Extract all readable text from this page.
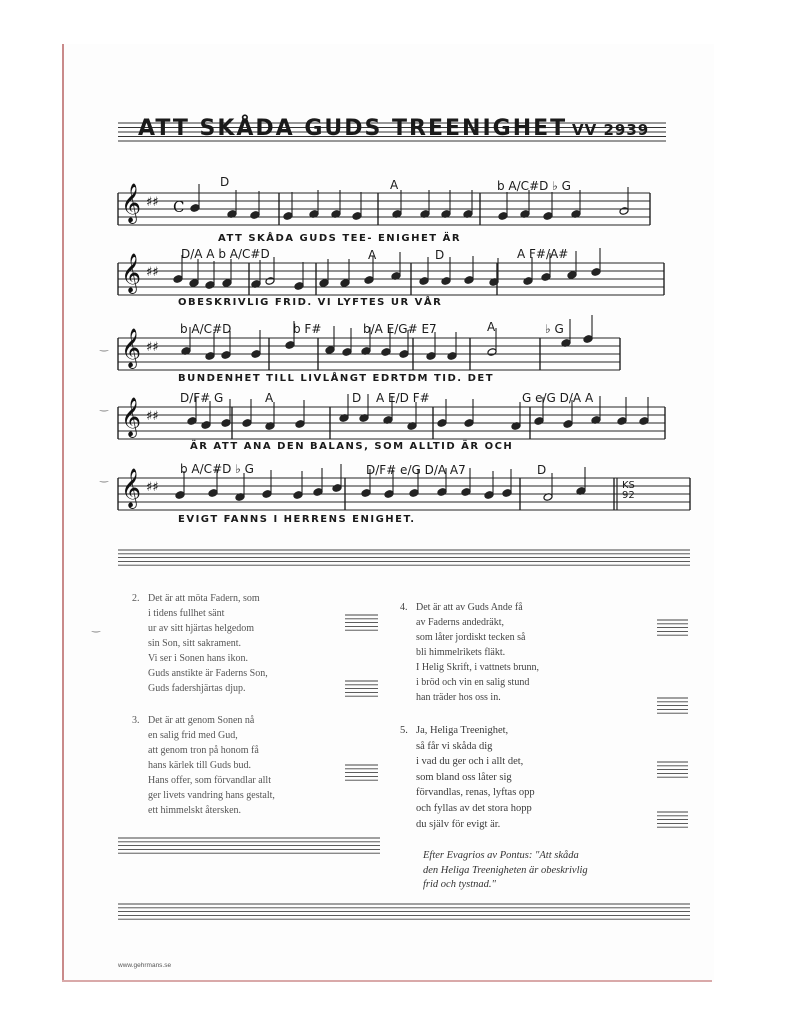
ATT SKÅDA GUDS TREENIGHET VV 2939
𝄞 ♯♯ C
D	A	b A/C#D ♭ G
ATT SKÅDA GUDS TEE- ENIGHET ÄR
𝄞 ♯♯
D/A A b A/C#D	A	D	A F#/A#
OBESKRIVLIG FRID. VI LYFTES UR VÅR
𝄞 ♯♯
b A/C#D	b F#	b/A E/G# E7	A	♭ G
BUNDENHET TILL LIVLÅNGT EDRTDM TID. DET
𝄞 ♯♯
D/F# G	A	D A E/D F#	G e/G D/A A
ÄR ATT ANA DEN BALANS, SOM ALLTID ÄR OCH
𝄞 ♯♯
b A/C#D ♭ G	D/F# e/G D/A A7	D
EVIGT FANNS I HERRENS ENIGHET.
KS 92
2. Det är att möta Fadern, som
i tidens fullhet sänt
ur av sitt hjärtas helgedom
sin Son, sitt sakrament.
Vi ser i Sonen hans ikon.
Guds anstikte är Faderns Son,
Guds fadershjärtas djup.
3. Det är att genom Sonen nå
en salig frid med Gud,
att genom tron på honom få
hans kärlek till Guds bud.
Hans offer, som förvandlar allt
ger livets vandring hans gestalt,
ett himmelskt återsken.
4. Det är att av Guds Ande få
av Faderns andedräkt,
som låter jordiskt tecken så
bli himmelrikets fläkt.
I Helig Skrift, i vattnets brunn,
i bröd och vin en salig stund
han träder hos oss in.
5. Ja, Heliga Treenighet,
så får vi skåda dig
i vad du ger och i allt det,
som bland oss låter sig
förvandlas, renas, lyftas opp
och fyllas av det stora hopp
du själv för evigt är.
Efter Evagrios av Pontus: "Att skåda
den Heliga Treenigheten är obeskrivlig
frid och tystnad."
www.gehrmans.se
‿
‿
‿
‿
